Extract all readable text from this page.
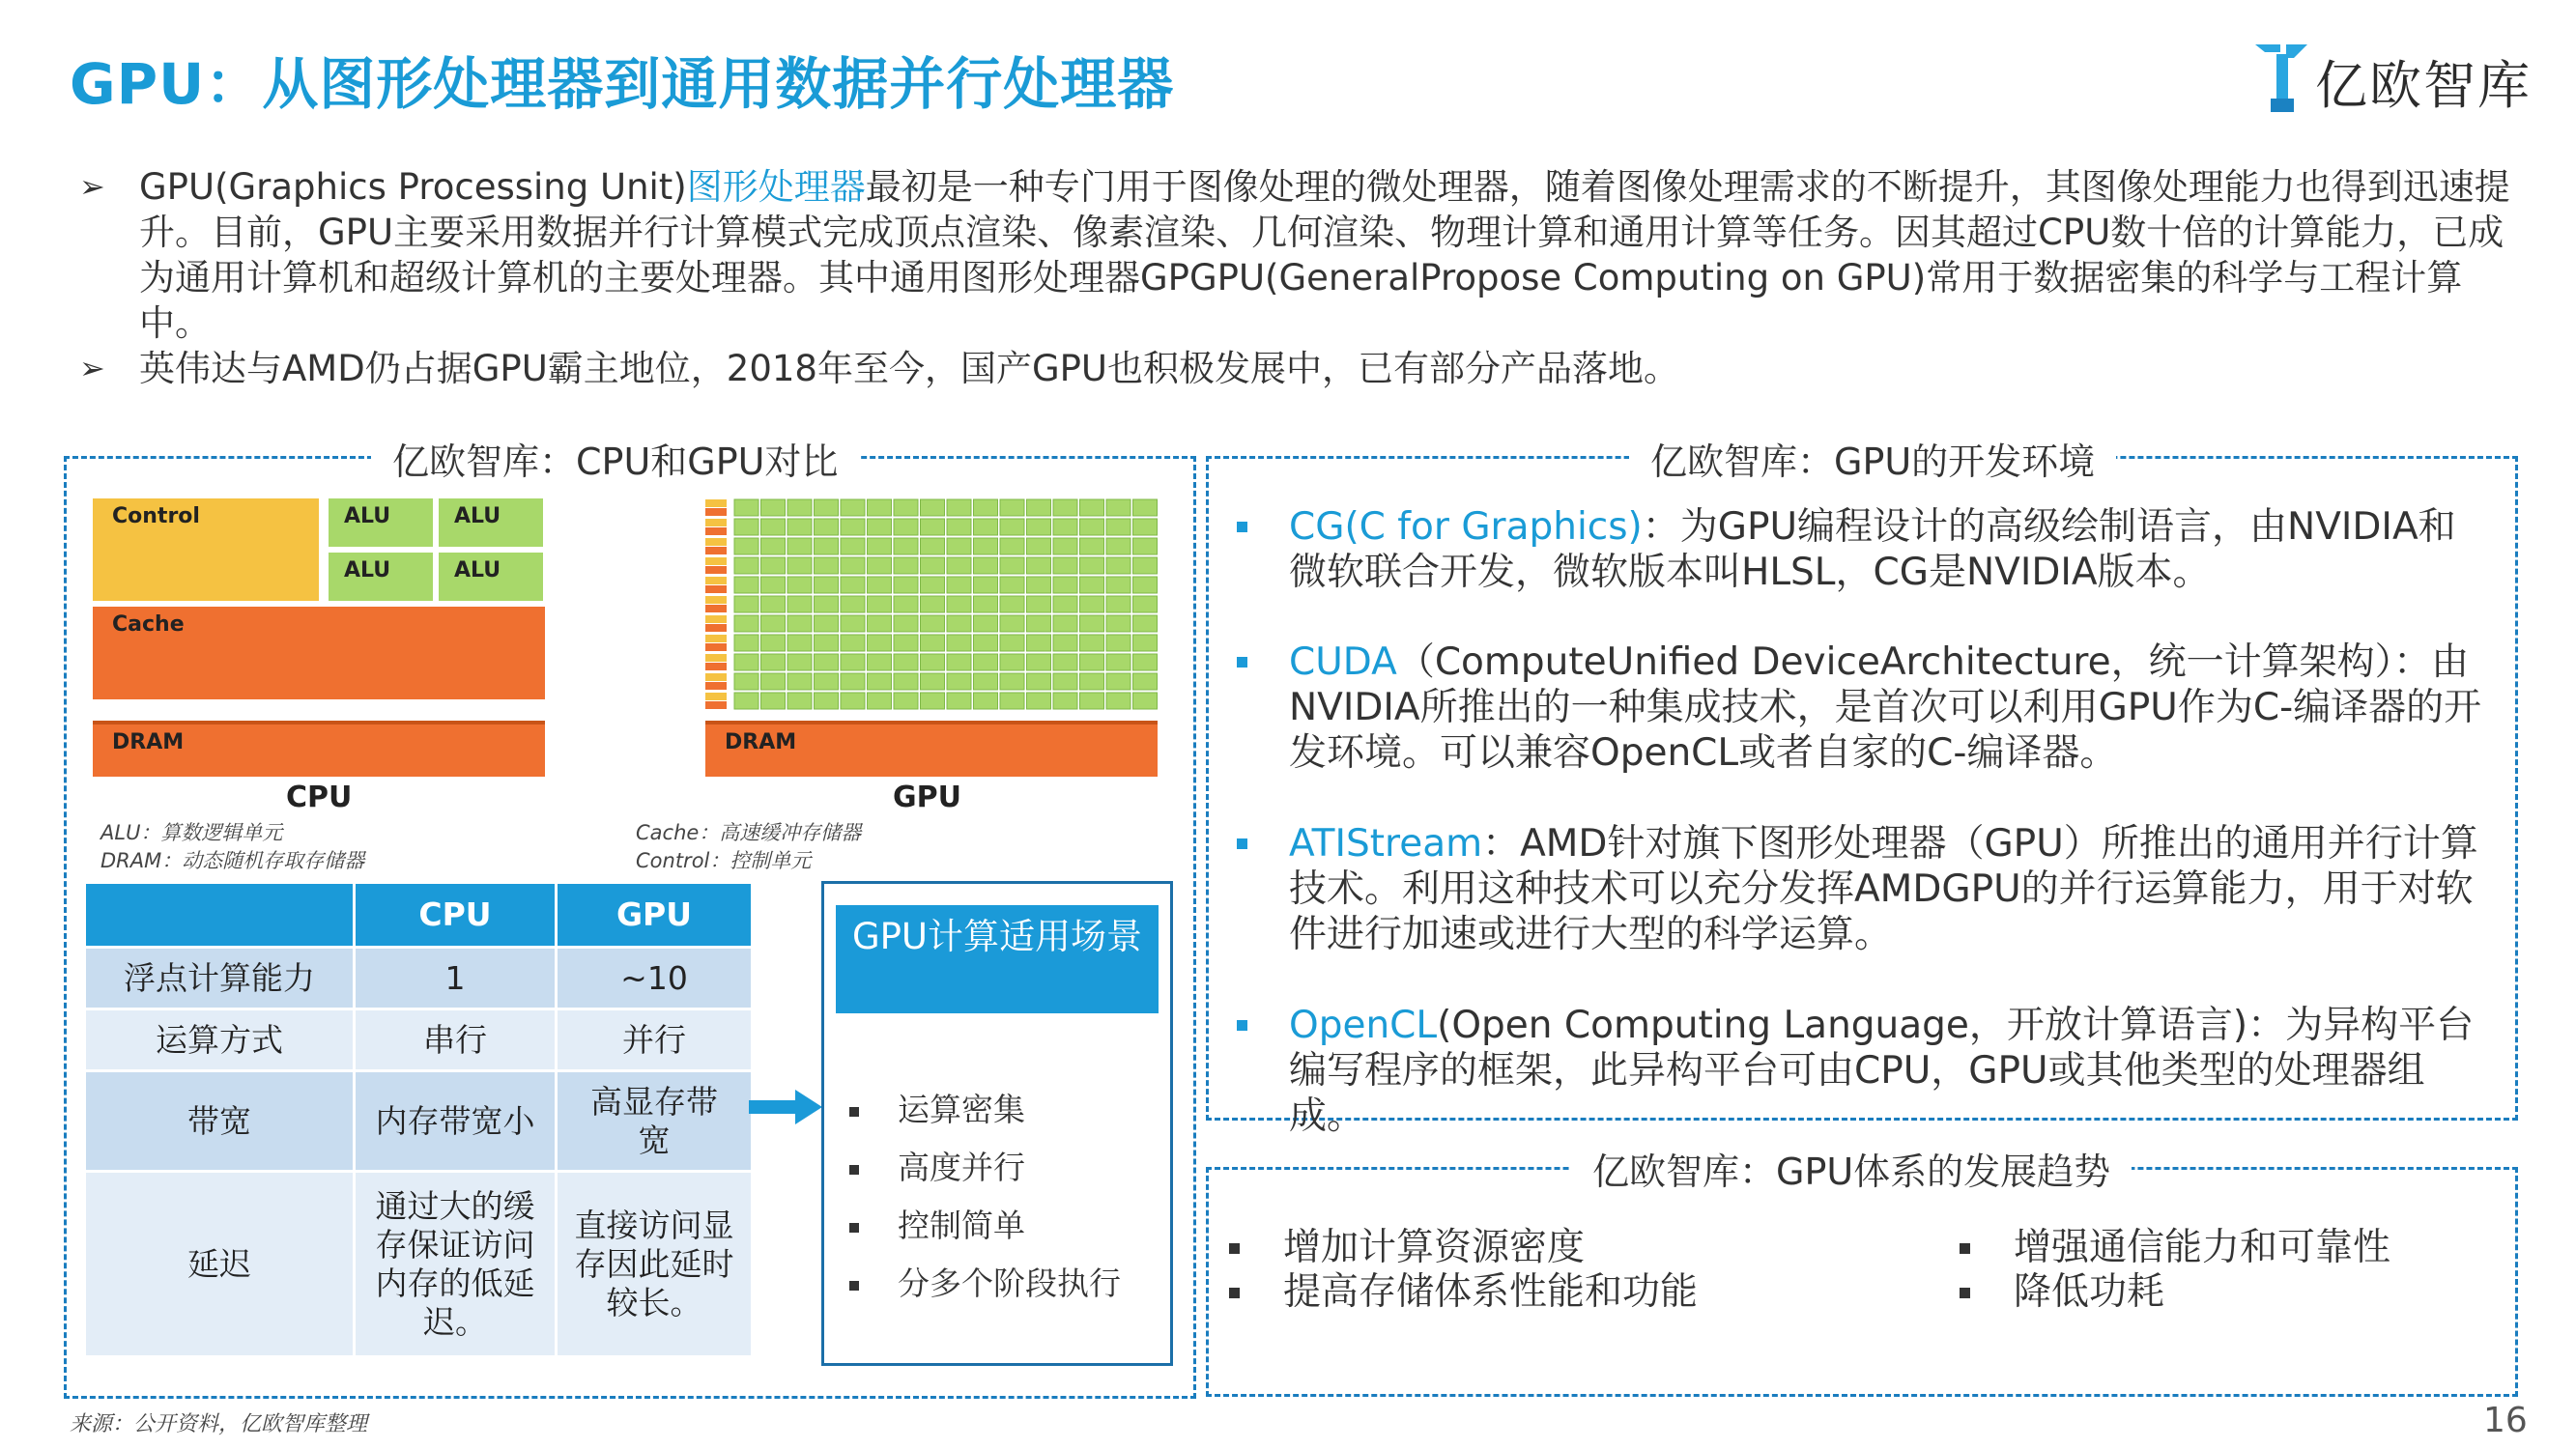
GPU：从图形处理器到通用数据并行处理器	亿欧智库
➢ GPU(Graphics Processing Unit)图形处理器最初是一种专门用于图像处理的微处理器，随着图像处理需求的不断提升，其图像处理能力也得到迅速提升。目前，GPU主要采用数据并行计算模式完成顶点渲染、像素渲染、几何渲染、物理计算和通用计算等任务。因其超过CPU数十倍的计算能力，已成为通用计算机和超级计算机的主要处理器。其中通用图形处理器GPGPU(GeneralPropose Computing on GPU)常用于数据密集的科学与工程计算中。
➢ 英伟达与AMD仍占据GPU霸主地位，2018年至今，国产GPU也积极发展中，已有部分产品落地。
亿欧智库：CPU和GPU对比
Control	ALU	ALU
ALU	ALU
Cache
DRAM
CPU
DRAM
GPU
ALU：算数逻辑单元
DRAM：动态随机存取存储器
Cache：高速缓冲存储器
Control：控制单元
	CPU	GPU
浮点计算能力	1	~10
运算方式	串行	并行
带宽	内存带宽小	高显存带宽
延迟	通过大的缓存保证访问内存的低延迟。	直接访问显存因此延时较长。
GPU计算适用场景
运算密集
高度并行
控制简单
分多个阶段执行
亿欧智库：GPU的开发环境
CG(C for Graphics)：为GPU编程设计的高级绘制语言，由NVIDIA和微软联合开发，微软版本叫HLSL，CG是NVIDIA版本。
CUDA（ComputeUnified DeviceArchitecture，统一计算架构）：由NVIDIA所推出的一种集成技术，是首次可以利用GPU作为C-编译器的开发环境。可以兼容OpenCL或者自家的C-编译器。
ATIStream：AMD针对旗下图形处理器（GPU）所推出的通用并行计算技术。利用这种技术可以充分发挥AMDGPU的并行运算能力，用于对软件进行加速或进行大型的科学运算。
OpenCL(Open Computing Language，开放计算语言)：为异构平台编写程序的框架，此异构平台可由CPU，GPU或其他类型的处理器组成。
亿欧智库：GPU体系的发展趋势
增加计算资源密度
提高存储体系性能和功能
增强通信能力和可靠性
降低功耗
来源：公开资料，亿欧智库整理	16
